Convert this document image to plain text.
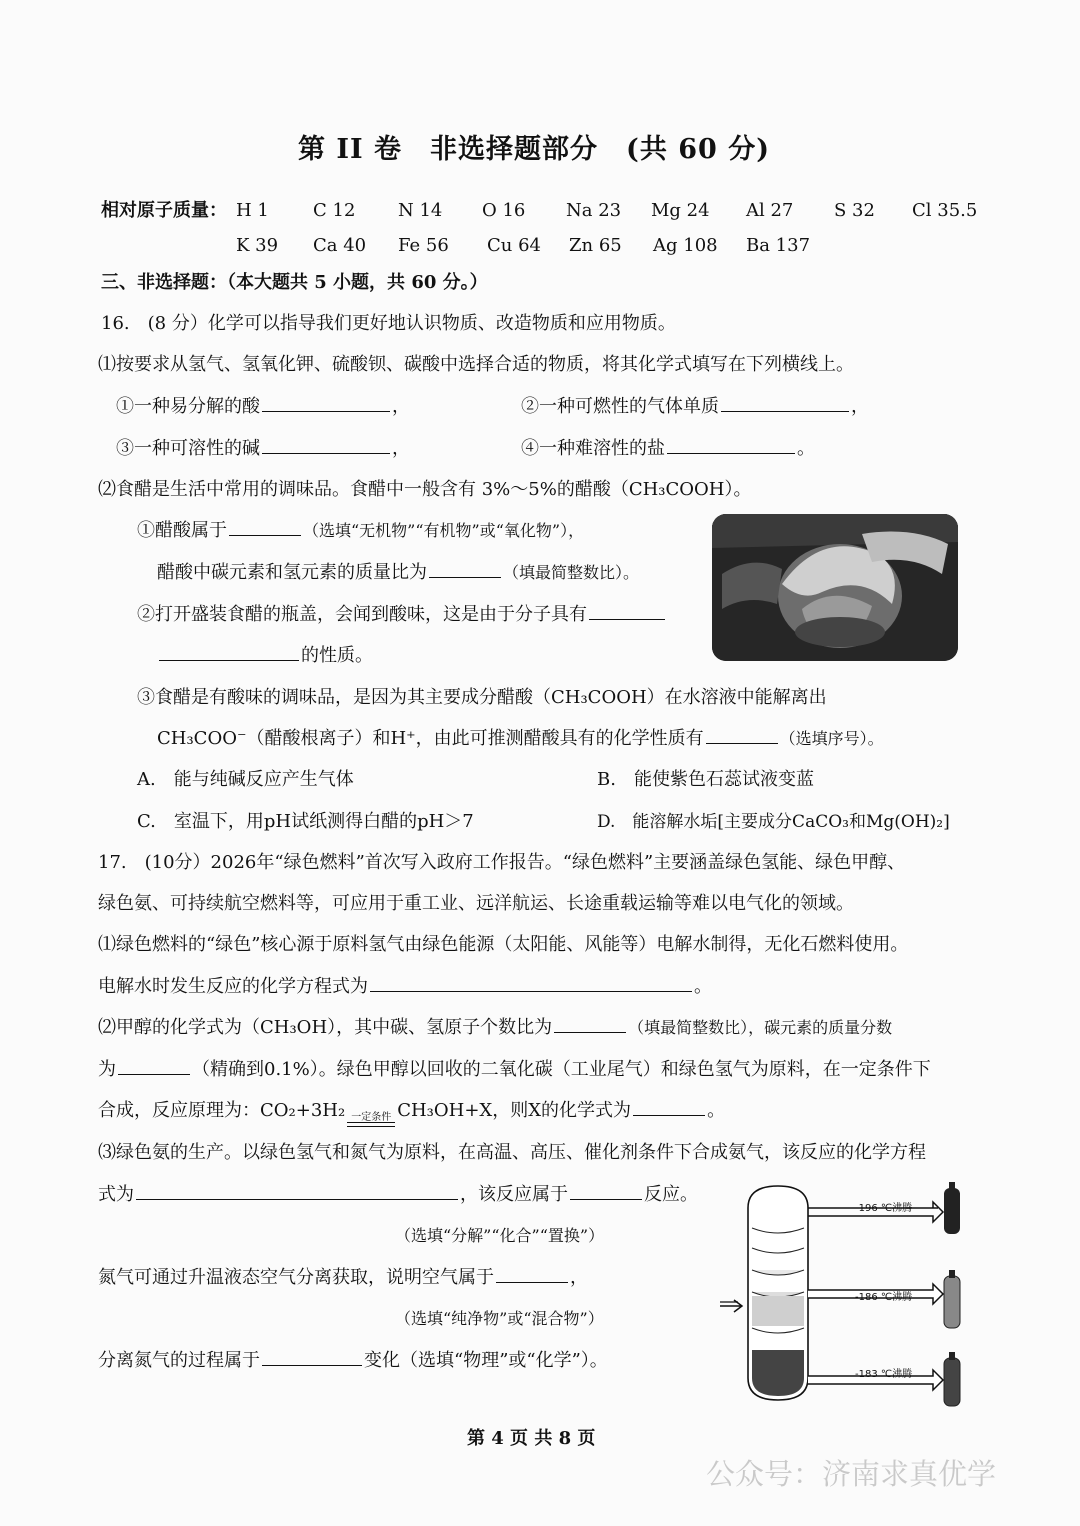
第 II 卷　非选择题部分　(共 60 分)
相对原子质量： H 1 C 12 N 14 O 16 Na 23 Mg 24 Al 27 S 32 Cl 35.5
K 39 Ca 40 Fe 56 Cu 64 Zn 65 Ag 108 Ba 137
三、非选择题：（本大题共 5 小题，共 60 分。）
16.　(8 分）化学可以指导我们更好地认识物质、改造物质和应用物质。
⑴按要求从氢气、氢氧化钾、硫酸钡、碳酸中选择合适的物质，将其化学式填写在下列横线上。
①一种易分解的酸	，	②一种可燃性的气体单质	，
③一种可溶性的碱	，	④一种难溶性的盐	。
⑵食醋是生活中常用的调味品。食醋中一般含有 3%～5%的醋酸（CH₃COOH）。
①醋酸属于	（选填“无机物”“有机物”或“氧化物”），
醋酸中碳元素和氢元素的质量比为	（填最简整数比）。
②打开盛装食醋的瓶盖，会闻到酸味，这是由于分子具有
的性质。
③食醋是有酸味的调味品，是因为其主要成分醋酸（CH₃COOH）在水溶液中能解离出
CH₃COO⁻（醋酸根离子）和H⁺，由此可推测醋酸具有的化学性质有	（选填序号）。
A.　能与纯碱反应产生气体	B.　能使紫色石蕊试液变蓝
C.　室温下，用pH试纸测得白醋的pH＞7	D.　能溶解水垢[主要成分CaCO₃和Mg(OH)₂]
17.　(10分）2026年“绿色燃料”首次写入政府工作报告。“绿色燃料”主要涵盖绿色氢能、绿色甲醇、
绿色氨、可持续航空燃料等，可应用于重工业、远洋航运、长途重载运输等难以电气化的领域。
⑴绿色燃料的“绿色”核心源于原料氢气由绿色能源（太阳能、风能等）电解水制得，无化石燃料使用。
电解水时发生反应的化学方程式为	。
⑵甲醇的化学式为（CH₃OH），其中碳、氢原子个数比为	（填最简整数比），碳元素的质量分数
为	（精确到0.1%）。绿色甲醇以回收的二氧化碳（工业尾气）和绿色氢气为原料，在一定条件下
合成，反应原理为：CO₂+3H₂ 一定条件 CH₃OH+X，则X的化学式为	。
⑶绿色氨的生产。以绿色氢气和氮气为原料，在高温、高压、催化剂条件下合成氨气，该反应的化学方程
式为	，该反应属于	反应。
（选填“分解”“化合”“置换”）
氮气可通过升温液态空气分离获取，说明空气属于	，
（选填“纯净物”或“混合物”）
分离氮气的过程属于	变化（选填“物理”或“化学”）。
-196 ℃沸腾
-186 ℃沸腾
-183 ℃沸腾
第 4 页 共 8 页
公众号：济南求真优学
